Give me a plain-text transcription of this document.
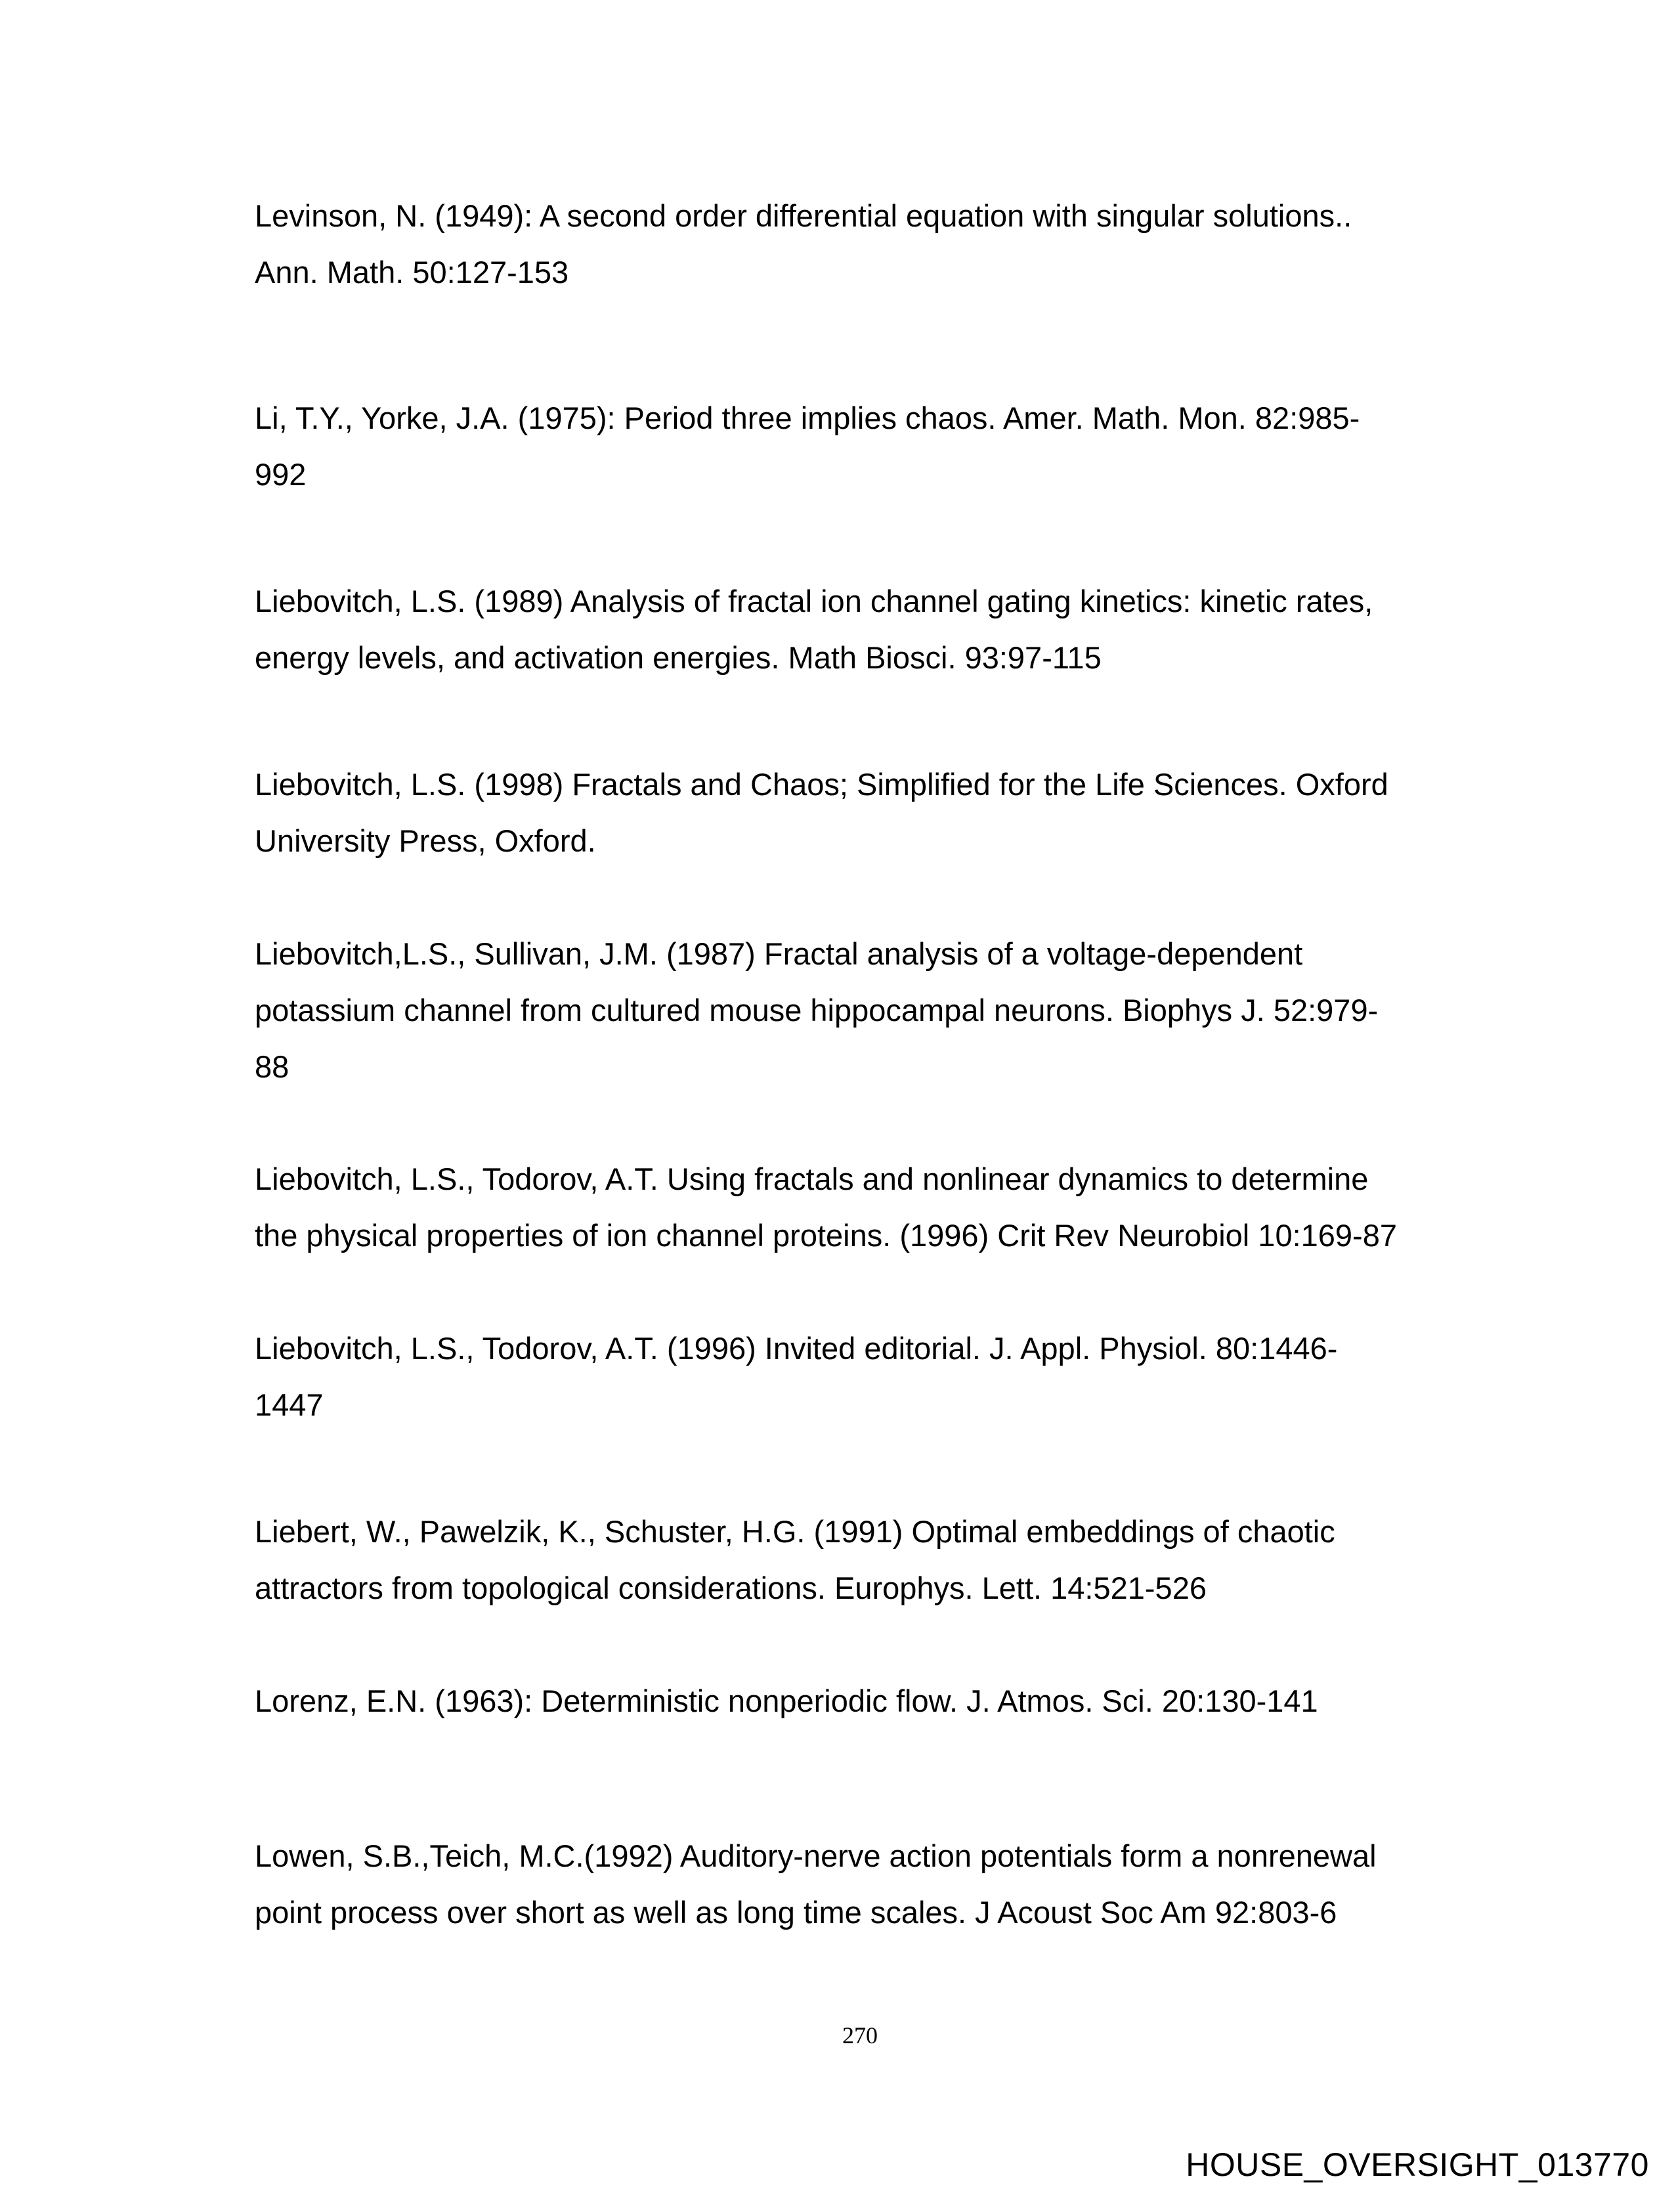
Levinson, N. (1949): A second order differential equation with singular solutions..
Ann. Math. 50:127-153

Li, T.Y., Yorke, J.A. (1975): Period three implies chaos. Amer. Math. Mon. 82:985-
992

Liebovitch, L.S. (1989) Analysis of fractal ion channel gating kinetics: kinetic rates,
energy levels, and activation energies. Math Biosci. 93:97-115

Liebovitch, L.S. (1998) Fractals and Chaos; Simplified for the Life Sciences. Oxford
University Press, Oxford.

Liebovitch,L.S., Sullivan, J.M. (1987) Fractal analysis of a voltage-dependent
potassium channel from cultured mouse hippocampal neurons. Biophys J. 52:979-
88

Liebovitch, L.S., Todorov, A.T. Using fractals and nonlinear dynamics to determine
the physical properties of ion channel proteins. (1996) Crit Rev Neurobiol 10:169-87

Liebovitch, L.S., Todorov, A.T. (1996) Invited editorial. J. Appl. Physiol. 80:1446-
1447

Liebert, W., Pawelzik, K., Schuster, H.G. (1991) Optimal embeddings of chaotic
attractors from topological considerations. Europhys. Lett. 14:521-526

Lorenz, E.N. (1963): Deterministic nonperiodic flow. J. Atmos. Sci. 20:130-141

Lowen, S.B.,Teich, M.C.(1992) Auditory-nerve action potentials form a nonrenewal
point process over short as well as long time scales. J Acoust Soc Am 92:803-6

270
HOUSE_OVERSIGHT_013770
